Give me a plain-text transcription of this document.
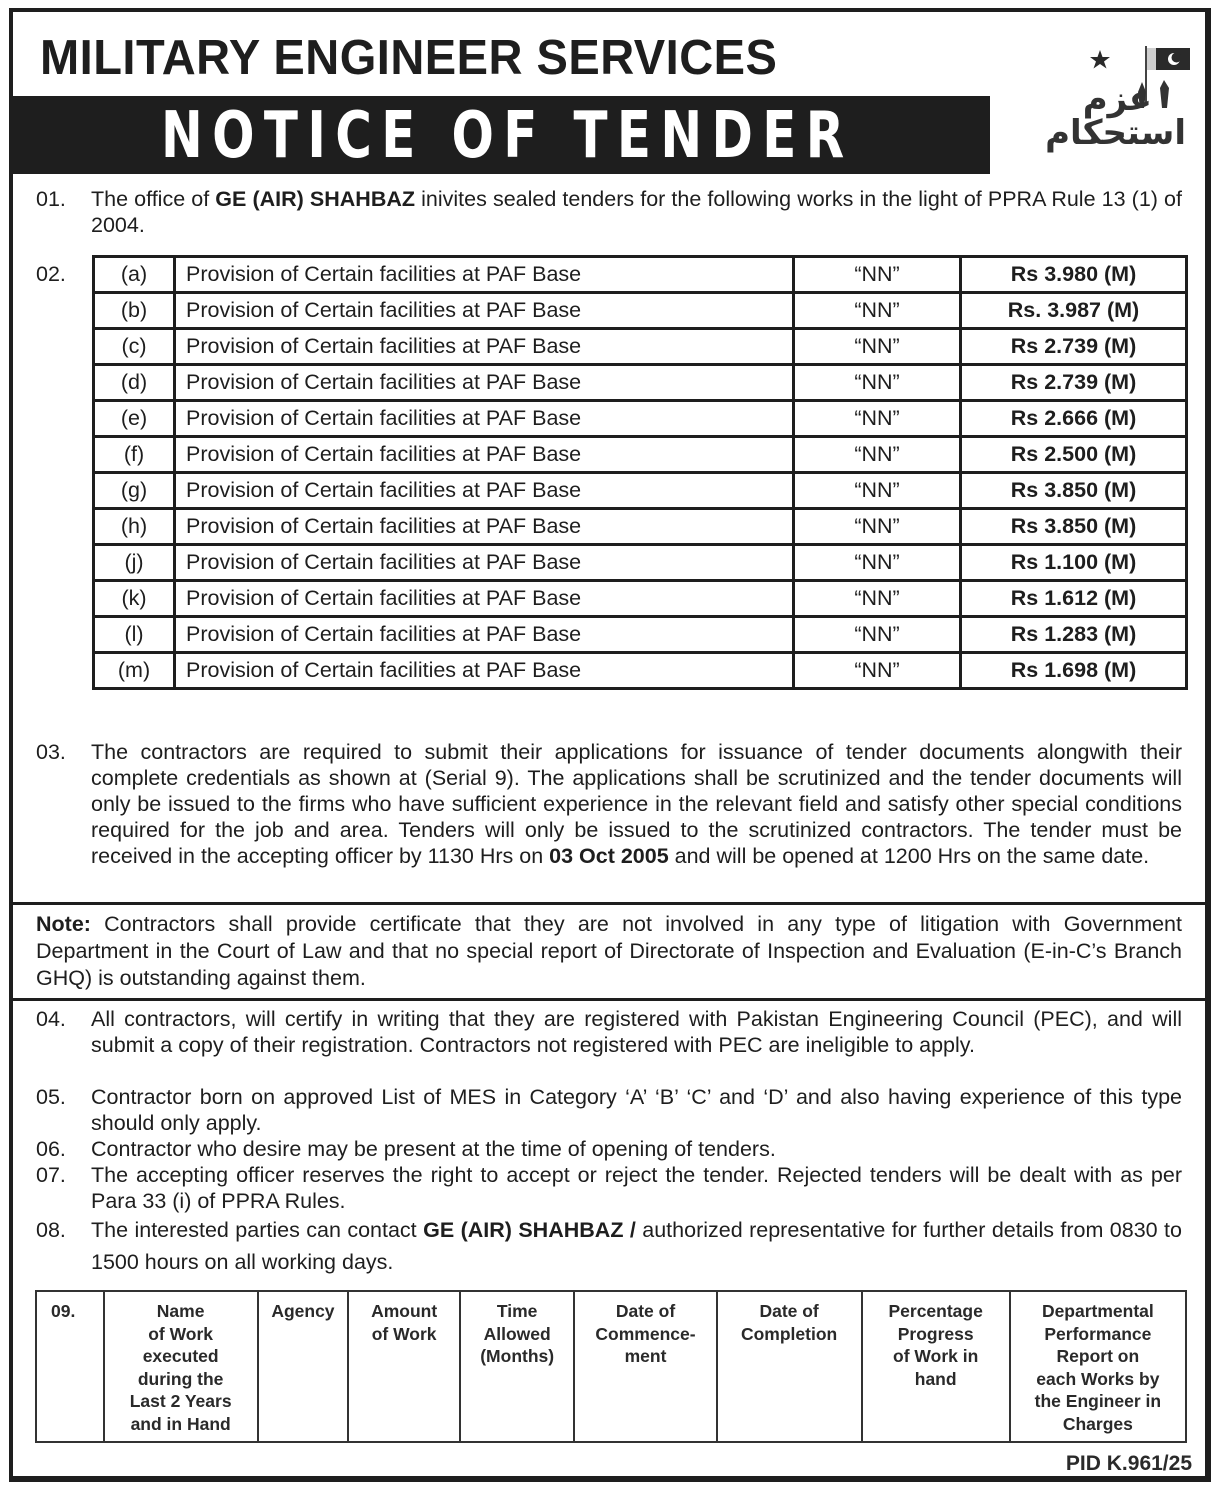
MILITARY ENGINEER SERVICES
NOTICE OF TENDER	عزم
استحکام
01. The office of GE (AIR) SHAHBAZ inivites sealed tenders for the following works in the light of PPRA Rule 13 (1) of 2004.
02.	(a)	Provision of Certain facilities at PAF Base	“NN”	Rs 3.980 (M)
(b)	Provision of Certain facilities at PAF Base	“NN”	Rs. 3.987 (M)
(c)	Provision of Certain facilities at PAF Base	“NN”	Rs 2.739 (M)
(d)	Provision of Certain facilities at PAF Base	“NN”	Rs 2.739 (M)
(e)	Provision of Certain facilities at PAF Base	“NN”	Rs 2.666 (M)
(f)	Provision of Certain facilities at PAF Base	“NN”	Rs 2.500 (M)
(g)	Provision of Certain facilities at PAF Base	“NN”	Rs 3.850 (M)
(h)	Provision of Certain facilities at PAF Base	“NN”	Rs 3.850 (M)
(j)	Provision of Certain facilities at PAF Base	“NN”	Rs 1.100 (M)
(k)	Provision of Certain facilities at PAF Base	“NN”	Rs 1.612 (M)
(l)	Provision of Certain facilities at PAF Base	“NN”	Rs 1.283 (M)
(m)	Provision of Certain facilities at PAF Base	“NN”	Rs 1.698 (M)
03. The contractors are required to submit their applications for issuance of tender documents alongwith their complete credentials as shown at (Serial 9). The applications shall be scrutinized and the tender documents will only be issued to the firms who have sufficient experience in the relevant field and satisfy other special conditions required for the job and area. Tenders will only be issued to the scrutinized contractors. The tender must be received in the accepting officer by 1130 Hrs on 03 Oct 2005 and will be opened at 1200 Hrs on the same date.
Note: Contractors shall provide certificate that they are not involved in any type of litigation with Government Department in the Court of Law and that no special report of Directorate of Inspection and Evaluation (E-in-C’s Branch GHQ) is outstanding against them.
04. All contractors, will certify in writing that they are registered with Pakistan Engineering Council (PEC), and will submit a copy of their registration. Contractors not registered with PEC are ineligible to apply.
05. Contractor born on approved List of MES in Category ‘A’ ‘B’ ‘C’ and ‘D’ and also having experience of this type should only apply.
06. Contractor who desire may be present at the time of opening of tenders.
07. The accepting officer reserves the right to accept or reject the tender. Rejected tenders will be dealt with as per Para 33 (i) of PPRA Rules.
08. The interested parties can contact GE (AIR) SHAHBAZ / authorized representative for further details from 0830 to 1500 hours on all working days.
09.	Name
of Work
executed
during the
Last 2 Years
and in Hand	Agency	Amount
of Work	Time
Allowed
(Months)	Date of
Commence-
ment	Date of
Completion	Percentage
Progress
of Work in
hand	Departmental
Performance
Report on
each Works by
the Engineer in
Charges
PID K.961/25
